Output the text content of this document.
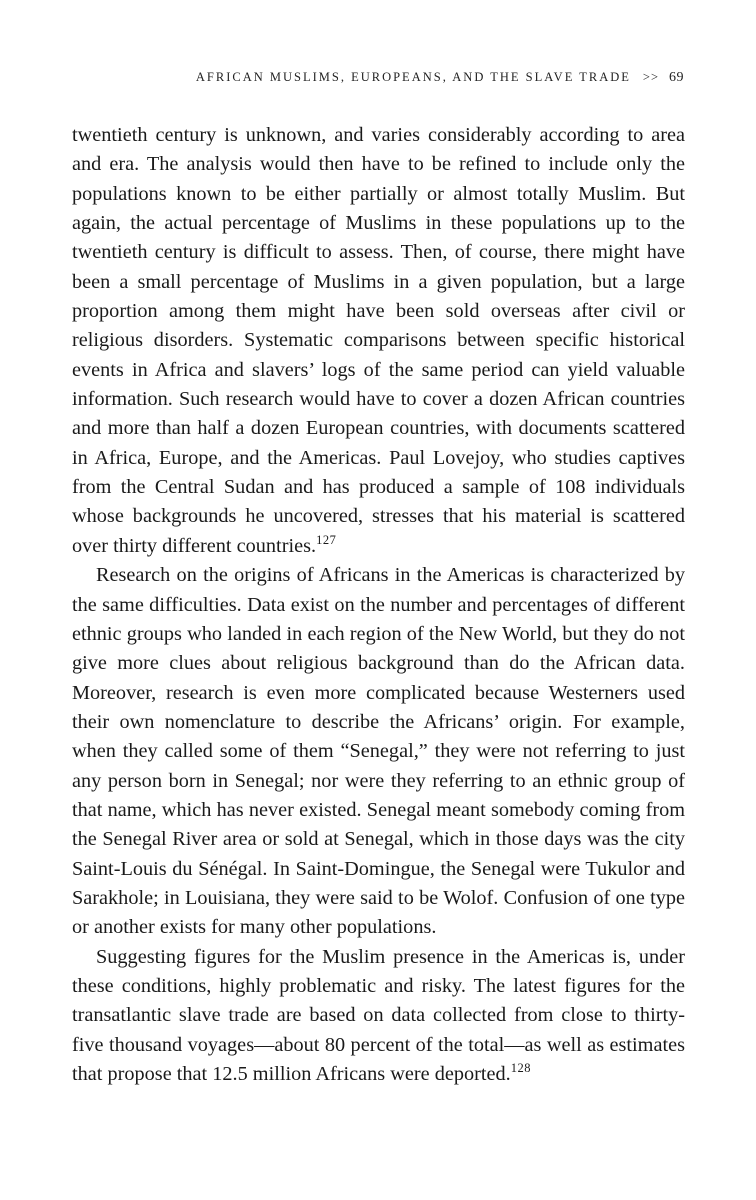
AFRICAN MUSLIMS, EUROPEANS, AND THE SLAVE TRADE >> 69

twentieth century is unknown, and varies considerably according to area and era. The analysis would then have to be refined to include only the populations known to be either partially or almost totally Muslim. But again, the actual percentage of Muslims in these populations up to the twentieth century is difficult to assess. Then, of course, there might have been a small percentage of Muslims in a given population, but a large proportion among them might have been sold overseas after civil or religious disorders. Systematic comparisons between specific historical events in Africa and slavers’ logs of the same period can yield valuable information. Such research would have to cover a dozen African countries and more than half a dozen European countries, with documents scattered in Africa, Europe, and the Americas. Paul Lovejoy, who studies captives from the Central Sudan and has produced a sample of 108 individuals whose backgrounds he uncovered, stresses that his material is scattered over thirty different countries.$^{127}$

Research on the origins of Africans in the Americas is characterized by the same difficulties. Data exist on the number and percentages of different ethnic groups who landed in each region of the New World, but they do not give more clues about religious background than do the African data. Moreover, research is even more complicated because Westerners used their own nomenclature to describe the Africans’ origin. For example, when they called some of them “Senegal,” they were not referring to just any person born in Senegal; nor were they referring to an ethnic group of that name, which has never existed. Senegal meant somebody coming from the Senegal River area or sold at Senegal, which in those days was the city Saint-Louis du Sénégal. In Saint-Domingue, the Senegal were Tukulor and Sarakhole; in Louisiana, they were said to be Wolof. Confusion of one type or another exists for many other populations.

Suggesting figures for the Muslim presence in the Americas is, under these conditions, highly problematic and risky. The latest figures for the transatlantic slave trade are based on data collected from close to thirty-five thousand voyages—about 80 percent of the total—as well as estimates that propose that 12.5 million Africans were deported.$^{128}$
